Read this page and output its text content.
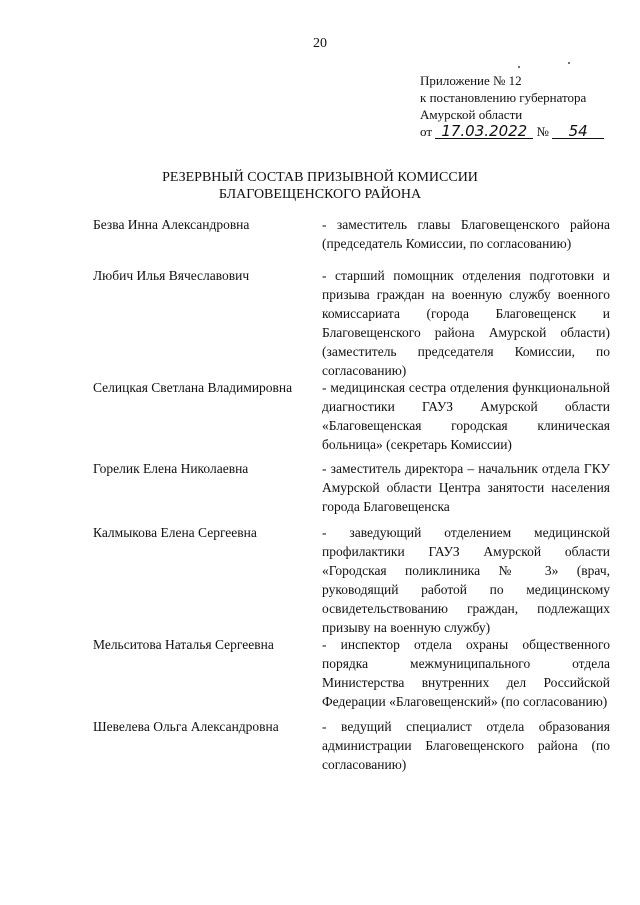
20
Приложение № 12
к постановлению губернатора
Амурской области
от 17.03.2022 № 54
РЕЗЕРВНЫЙ СОСТАВ ПРИЗЫВНОЙ КОМИССИИ
БЛАГОВЕЩЕНСКОГО РАЙОНА
Безва Инна Александровна	- заместитель главы Благовещенского района (председатель Комиссии, по согласованию)
Любич Илья Вячеславович	- старший помощник отделения подготовки и призыва граждан на военную службу военного комиссариата (города Благовещенск и Благовещенского района Амурской области) (заместитель председателя Комиссии, по согласованию)
Селицкая Светлана Владимировна	- медицинская сестра отделения функциональной диагностики ГАУЗ Амурской области «Благовещенская городская клиническая больница» (секретарь Комиссии)
Горелик Елена Николаевна	- заместитель директора – начальник отдела ГКУ Амурской области Центра занятости населения города Благовещенска
Калмыкова Елена Сергеевна	- заведующий отделением медицинской профилактики ГАУЗ Амурской области «Городская поликлиника № 3» (врач, руководящий работой по медицинскому освидетельствованию граждан, подлежащих призыву на военную службу)
Мельситова Наталья Сергеевна	- инспектор отдела охраны общественного порядка межмуниципального отдела Министерства внутренних дел Российской Федерации «Благовещенский» (по согласованию)
Шевелева Ольга Александровна	- ведущий специалист отдела образования администрации Благовещенского района (по согласованию)
